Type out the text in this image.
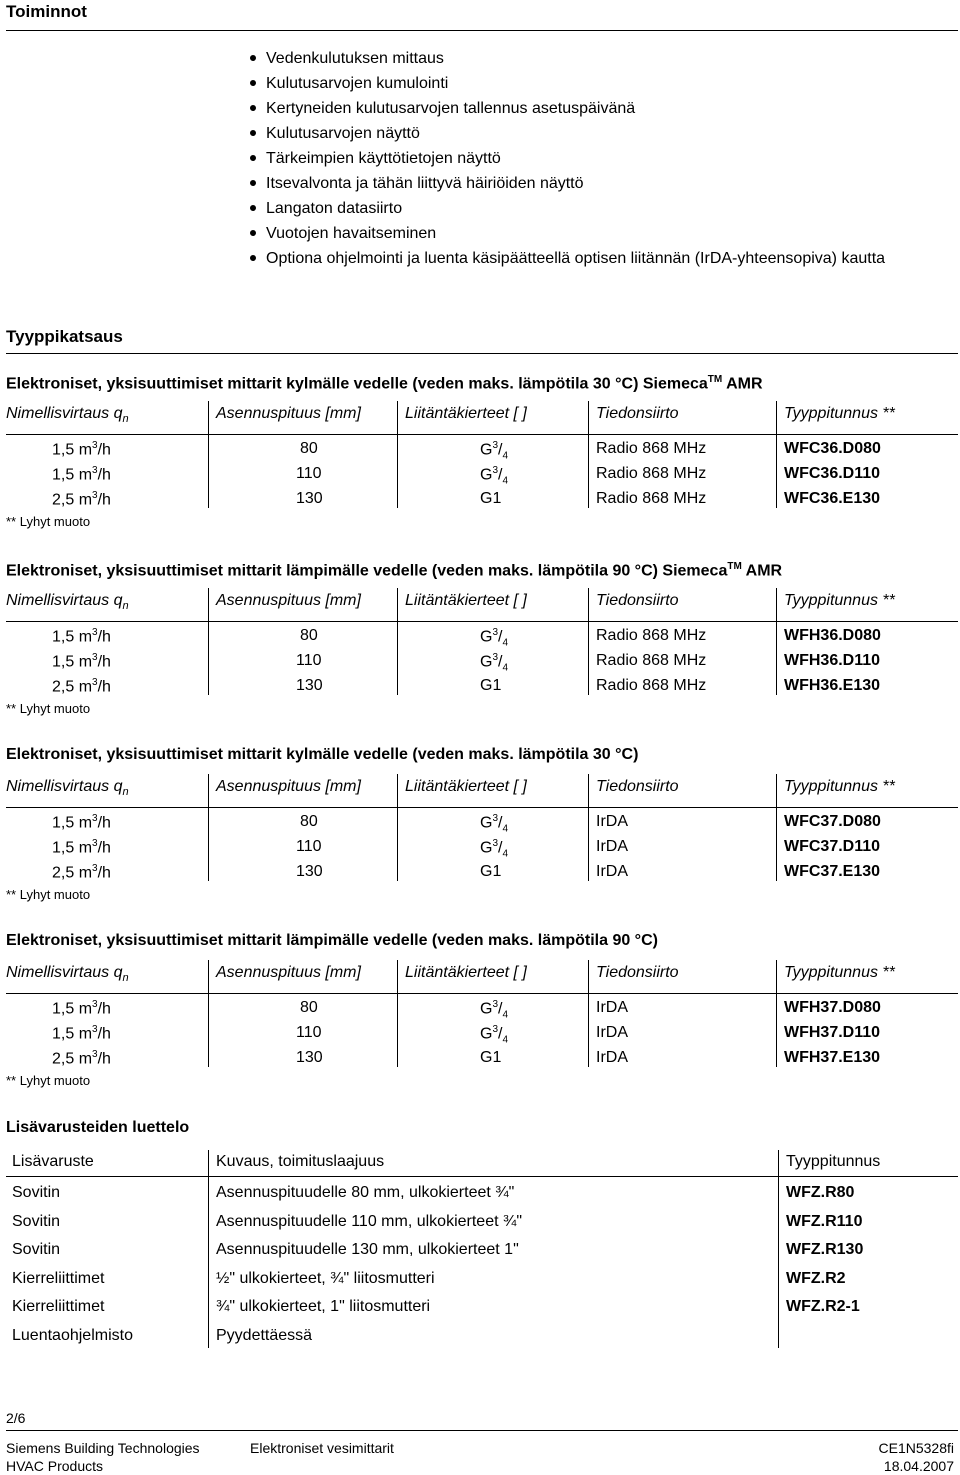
Toiminnot
Vedenkulutuksen mittaus
Kulutusarvojen kumulointi
Kertyneiden kulutusarvojen tallennus asetuspäivänä
Kulutusarvojen näyttö
Tärkeimpien käyttötietojen näyttö
Itsevalvonta ja tähän liittyvä häiriöiden näyttö
Langaton datasiirto
Vuotojen havaitseminen
Optiona ohjelmointi ja luenta käsipäätteellä optisen liitännän (IrDA-yhteensopiva) kautta
Tyyppikatsaus
Elektroniset, yksisuuttimiset mittarit kylmälle vedelle (veden maks. lämpötila 30 °C) Siemeca™ AMR
Elektroniset, yksisuuttimiset mittarit lämpimälle vedelle (veden maks. lämpötila 90 °C) Siemeca™ AMR
Elektroniset, yksisuuttimiset mittarit kylmälle vedelle (veden maks. lämpötila 30 °C)
Elektroniset, yksisuuttimiset mittarit lämpimälle vedelle (veden maks. lämpötila 90 °C)
Nimellisvirtaus $q_n$	Asennuspituus [mm]	Liitäntäkierteet [ ]	Tiedonsiirto	Tyyppitunnus **
1,5 $m^3/h$	80	$G^3/_4$	Radio 868 MHz	WFC36.D080
1,5 $m^3/h$	110	$G^3/_4$	Radio 868 MHz	WFC36.D110
2,5 $m^3/h$	130	G1	Radio 868 MHz	WFC36.E130
** Lyhyt muoto
Nimellisvirtaus $q_n$	Asennuspituus [mm]	Liitäntäkierteet [ ]	Tiedonsiirto	Tyyppitunnus **
1,5 $m^3/h$	80	$G^3/_4$	Radio 868 MHz	WFH36.D080
1,5 $m^3/h$	110	$G^3/_4$	Radio 868 MHz	WFH36.D110
2,5 $m^3/h$	130	G1	Radio 868 MHz	WFH36.E130
** Lyhyt muoto
Nimellisvirtaus $q_n$	Asennuspituus [mm]	Liitäntäkierteet [ ]	Tiedonsiirto	Tyyppitunnus **
1,5 $m^3/h$	80	$G^3/_4$	IrDA	WFC37.D080
1,5 $m^3/h$	110	$G^3/_4$	IrDA	WFC37.D110
2,5 $m^3/h$	130	G1	IrDA	WFC37.E130
** Lyhyt muoto
Nimellisvirtaus $q_n$	Asennuspituus [mm]	Liitäntäkierteet [ ]	Tiedonsiirto	Tyyppitunnus **
1,5 $m^3/h$	80	$G^3/_4$	IrDA	WFH37.D080
1,5 $m^3/h$	110	$G^3/_4$	IrDA	WFH37.D110
2,5 $m^3/h$	130	G1	IrDA	WFH37.E130
** Lyhyt muoto
Lisävarusteiden luettelo
Lisävaruste	Kuvaus, toimituslaajuus	Tyyppitunnus
Sovitin	Asennuspituudelle 80 mm, ulkokierteet ¾"	WFZ.R80
Sovitin	Asennuspituudelle 110 mm, ulkokierteet ¾"	WFZ.R110
Sovitin	Asennuspituudelle 130 mm, ulkokierteet 1"	WFZ.R130
Kierreliittimet	½" ulkokierteet, ¾" liitosmutteri	WFZ.R2
Kierreliittimet	¾" ulkokierteet, 1" liitosmutteri	WFZ.R2-1
Luentaohjelmisto	Pyydettäessä
2/6
Siemens Building Technologies
HVAC Products
Elektroniset vesimittarit	CE1N5328fi
18.04.2007
